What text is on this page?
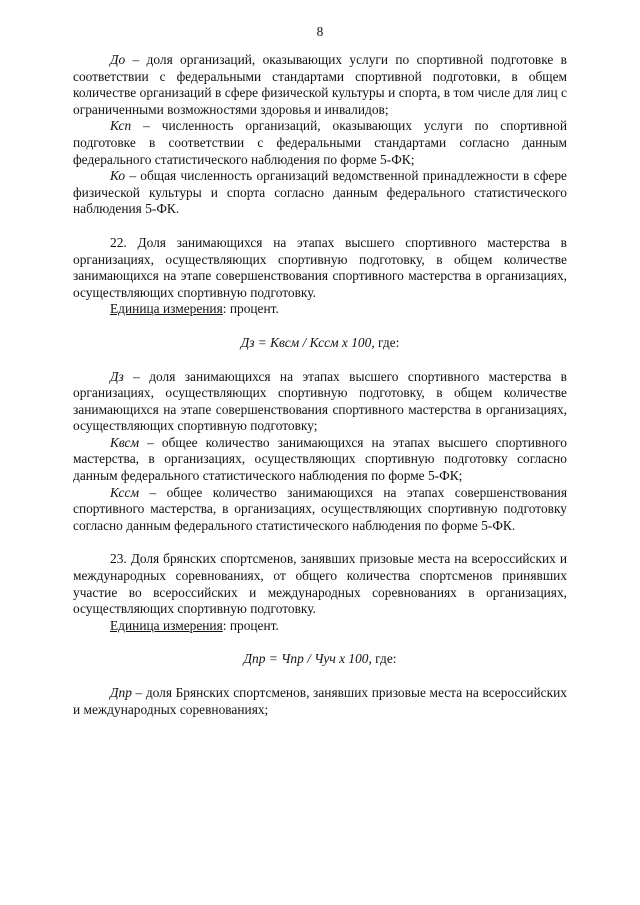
8
До – доля организаций, оказывающих услуги по спортивной подготовке в соответствии с федеральными стандартами спортивной подготовки, в общем количестве организаций в сфере физической культуры и спорта, в том числе для лиц с ограниченными возможностями здоровья и инвалидов;
Ксп – численность организаций, оказывающих услуги по спортивной подготовке в соответствии с федеральными стандартами согласно данным федерального статистического наблюдения по форме 5-ФК;
Ко – общая численность организаций ведомственной принадлежности в сфере физической культуры и спорта согласно данным федерального статистического наблюдения 5-ФК.
22. Доля занимающихся на этапах высшего спортивного мастерства в организациях, осуществляющих спортивную подготовку, в общем количестве занимающихся на этапе совершенствования спортивного мастерства в организациях, осуществляющих спортивную подготовку.
Единица измерения: процент.
Дз = Квсм / Кссм х 100, где:
Дз – доля занимающихся на этапах высшего спортивного мастерства в организациях, осуществляющих спортивную подготовку, в общем количестве занимающихся на этапе совершенствования спортивного мастерства в организациях, осуществляющих спортивную подготовку;
Квсм – общее количество занимающихся на этапах высшего спортивного мастерства, в организациях, осуществляющих спортивную подготовку согласно данным федерального статистического наблюдения по форме 5-ФК;
Кссм – общее количество занимающихся на этапах совершенствования спортивного мастерства, в организациях, осуществляющих спортивную подготовку согласно данным федерального статистического наблюдения по форме 5-ФК.
23. Доля брянских спортсменов, занявших призовые места на всероссийских и международных соревнованиях, от общего количества спортсменов принявших участие во всероссийских и международных соревнованиях в организациях, осуществляющих спортивную подготовку.
Единица измерения: процент.
Дпр = Чпр / Чуч х 100, где:
Дпр – доля Брянских спортсменов, занявших призовые места на всероссийских и международных соревнованиях;
